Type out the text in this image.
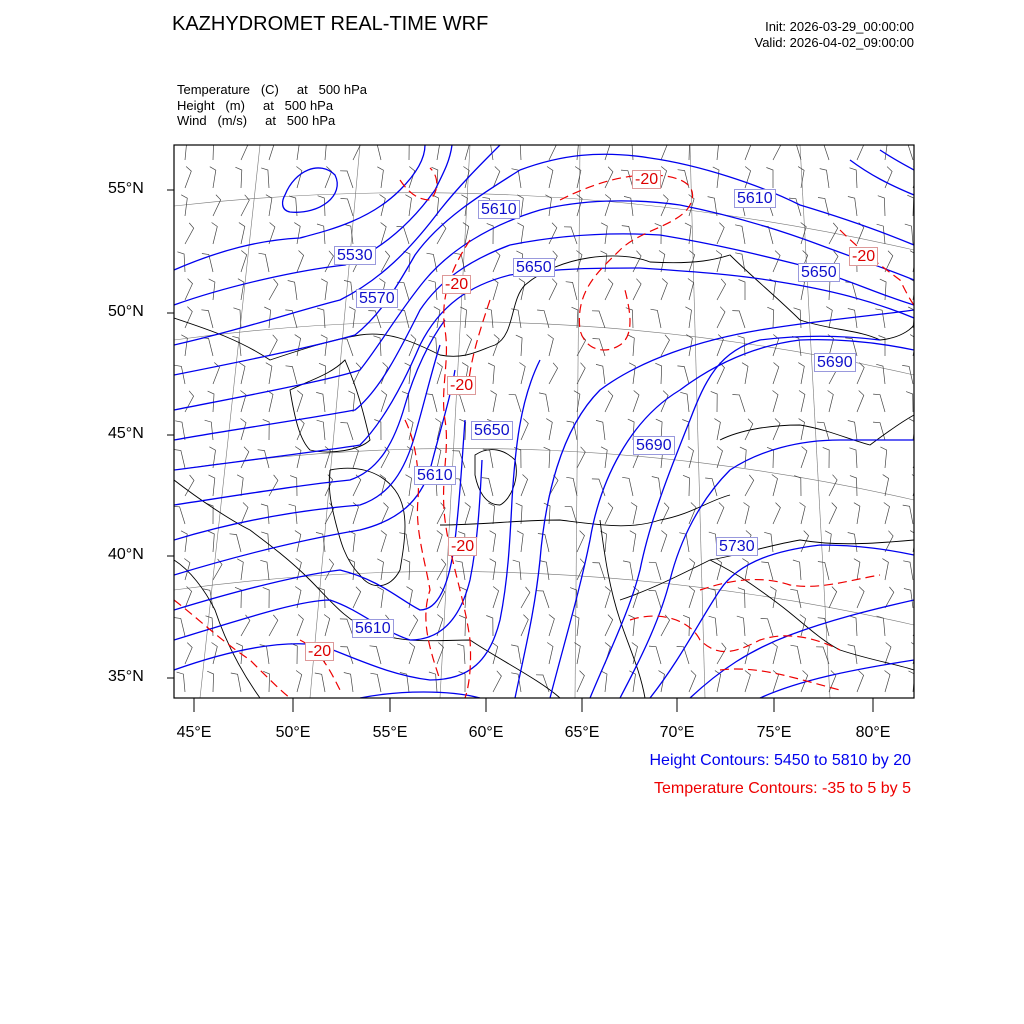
KAZHYDROMET REAL-TIME WRF	Init: 2026-03-29_00:00:00
Valid: 2026-04-02_09:00:00
Temperature   (C)     at   500 hPa
Height   (m)     at   500 hPa
Wind   (m/s)     at   500 hPa
5610
5610
5530
5570
5650	5650
5690
5650
5690
5610
5730
5610
-20
-20
-20
-20
-20
-20
55°N
50°N
45°N
40°N
35°N
45°E	50°E	55°E	60°E	65°E	70°E	75°E	80°E
Height Contours: 5450 to 5810 by 20
Temperature Contours: -35 to 5 by 5
